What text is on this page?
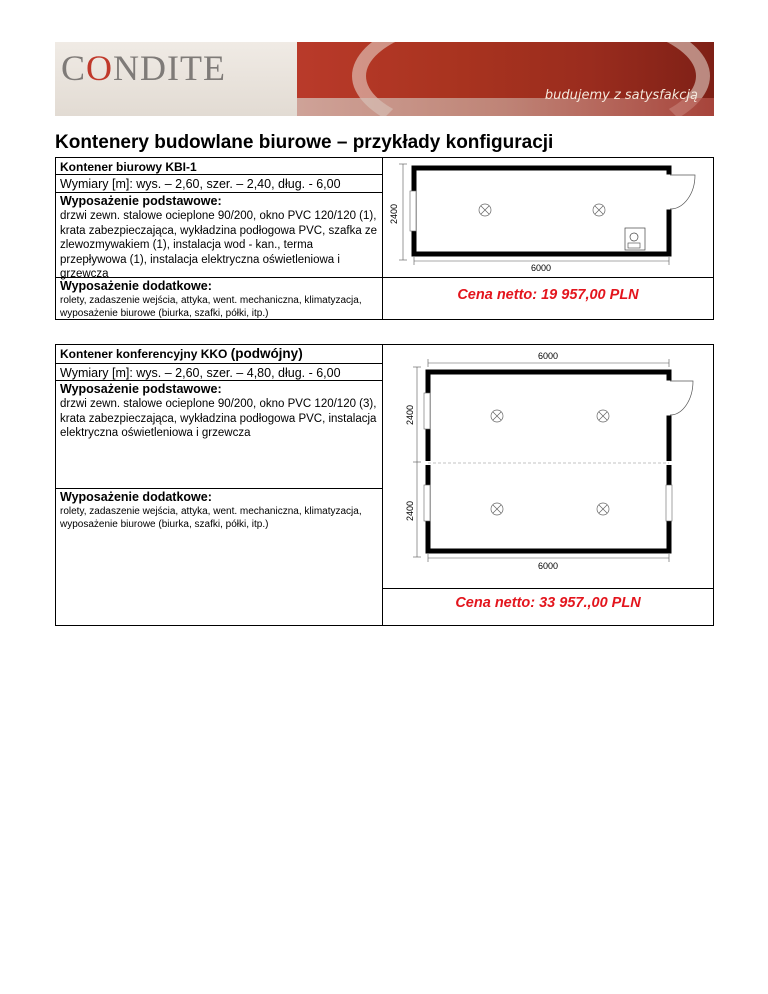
CONDITE
budujemy z satysfakcją
Kontenery budowlane biurowe – przykłady konfiguracji
Kontener biurowy KBI-1
Wymiary [m]: wys. – 2,60, szer. – 2,40, dług. - 6,00
Wyposażenie podstawowe:
drzwi zewn. stalowe ocieplone 90/200, okno PVC 120/120 (1), krata zabezpieczająca, wykładzina podłogowa PVC, szafka ze zlewozmywakiem (1), instalacja wod - kan., terma przepływowa (1), instalacja elektryczna oświetleniowa i grzewcza
Wyposażenie dodatkowe:
rolety, zadaszenie wejścia, attyka, went. mechaniczna, klimatyzacja, wyposażenie biurowe (biurka, szafki, półki, itp.)
2400
6000
Cena netto: 19 957,00 PLN
Kontener konferencyjny KKO (podwójny)
Wymiary [m]: wys. – 2,60, szer. – 4,80, dług. - 6,00
Wyposażenie podstawowe:
drzwi zewn. stalowe ocieplone 90/200, okno PVC 120/120 (3), krata zabezpieczająca, wykładzina podłogowa PVC, instalacja elektryczna oświetleniowa i grzewcza
Wyposażenie dodatkowe:
rolety, zadaszenie wejścia, attyka, went. mechaniczna, klimatyzacja, wyposażenie biurowe (biurka, szafki, półki, itp.)
6000
2400
2400
6000
Cena netto: 33 957.,00 PLN
